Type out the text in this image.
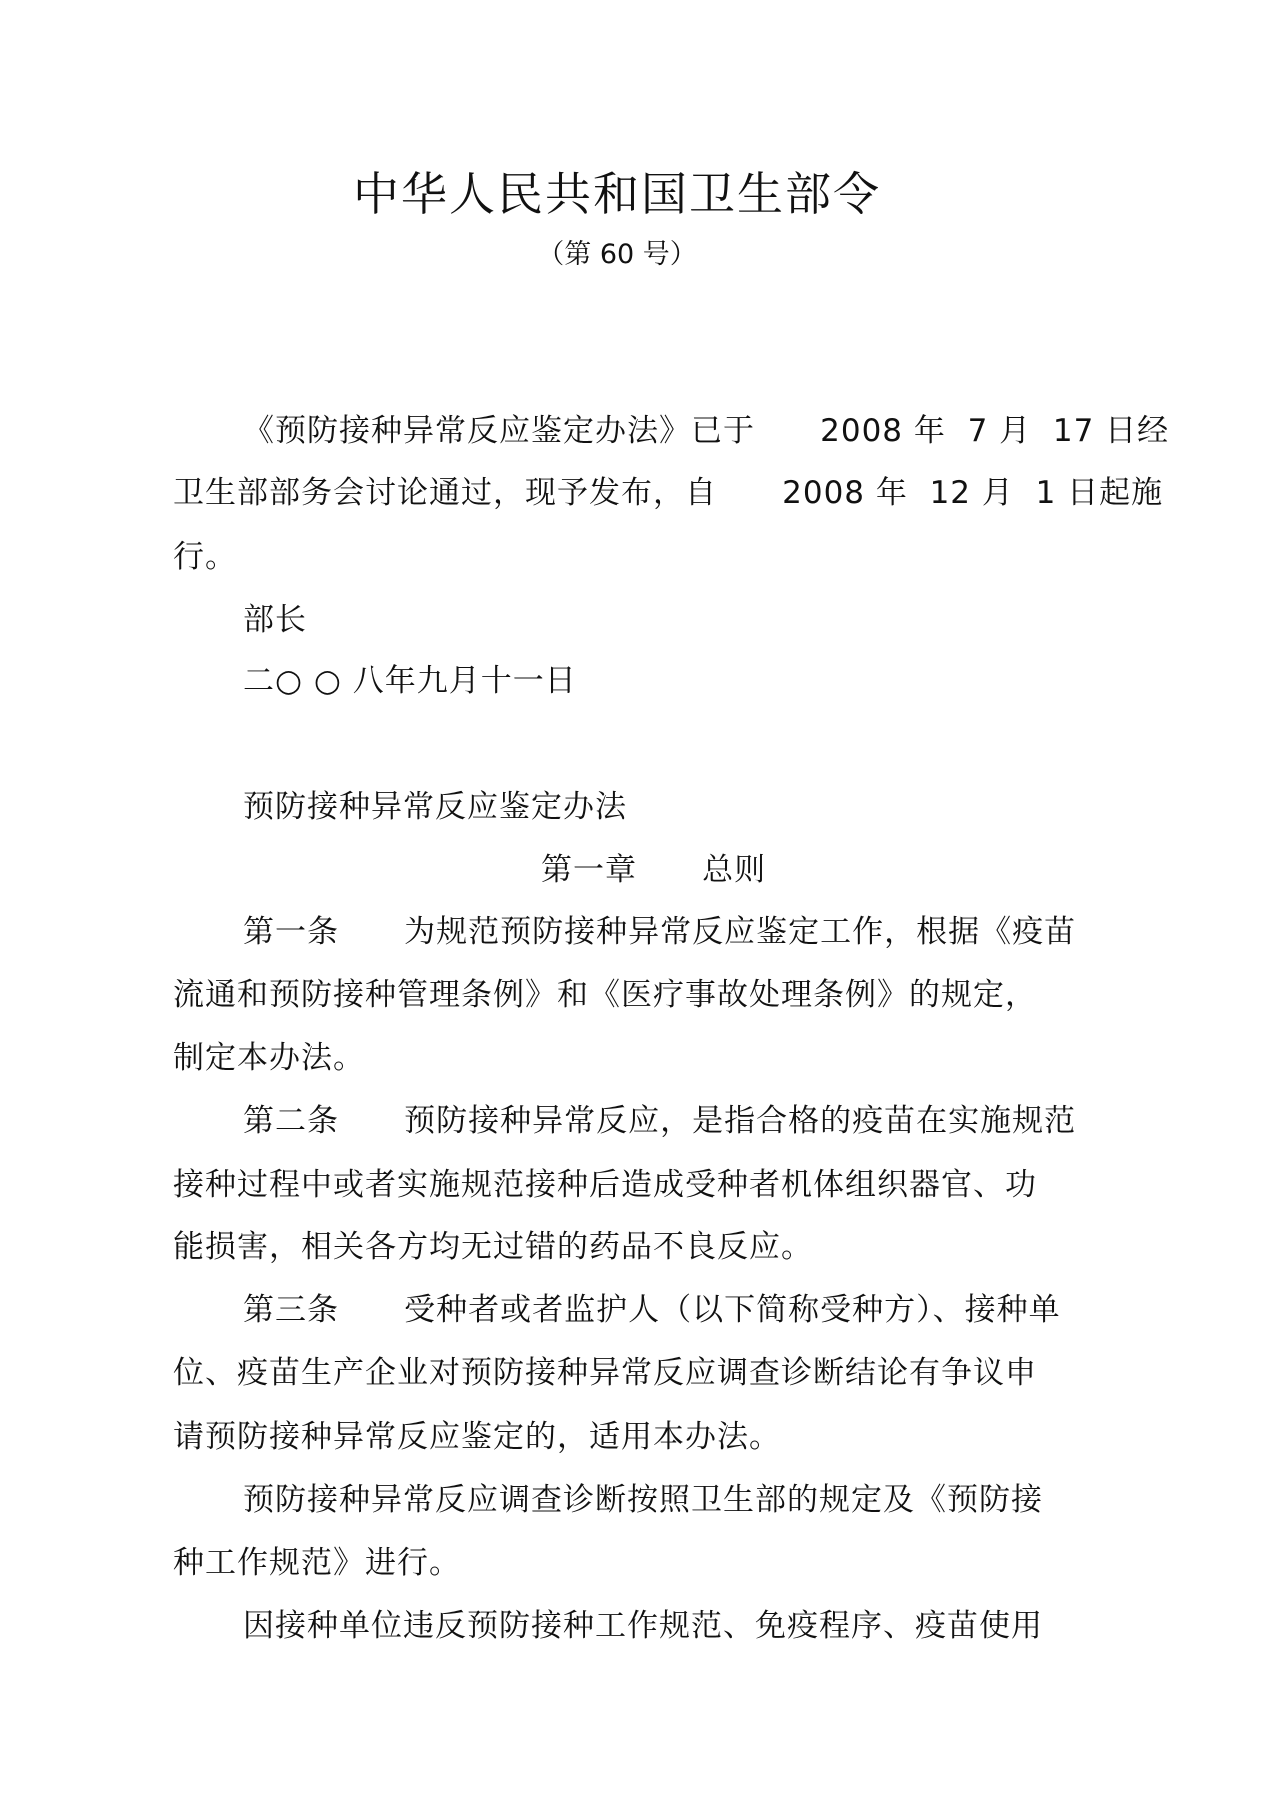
中华人民共和国卫生部令
（第 60 号）
《预防接种异常反应鉴定办法》已于      2008 年  7 月  17 日经
卫生部部务会讨论通过，现予发布，自      2008 年  12 月  1 日起施
行。
部长
二○ ○ 八年九月十一日
预防接种异常反应鉴定办法
第一章      总则
第一条      为规范预防接种异常反应鉴定工作，根据《疫苗
流通和预防接种管理条例》和《医疗事故处理条例》的规定，
制定本办法。
第二条      预防接种异常反应，是指合格的疫苗在实施规范
接种过程中或者实施规范接种后造成受种者机体组织器官、功
能损害，相关各方均无过错的药品不良反应。
第三条      受种者或者监护人（以下简称受种方）、接种单
位、疫苗生产企业对预防接种异常反应调查诊断结论有争议申
请预防接种异常反应鉴定的，适用本办法。
预防接种异常反应调查诊断按照卫生部的规定及《预防接
种工作规范》进行。
因接种单位违反预防接种工作规范、免疫程序、疫苗使用
